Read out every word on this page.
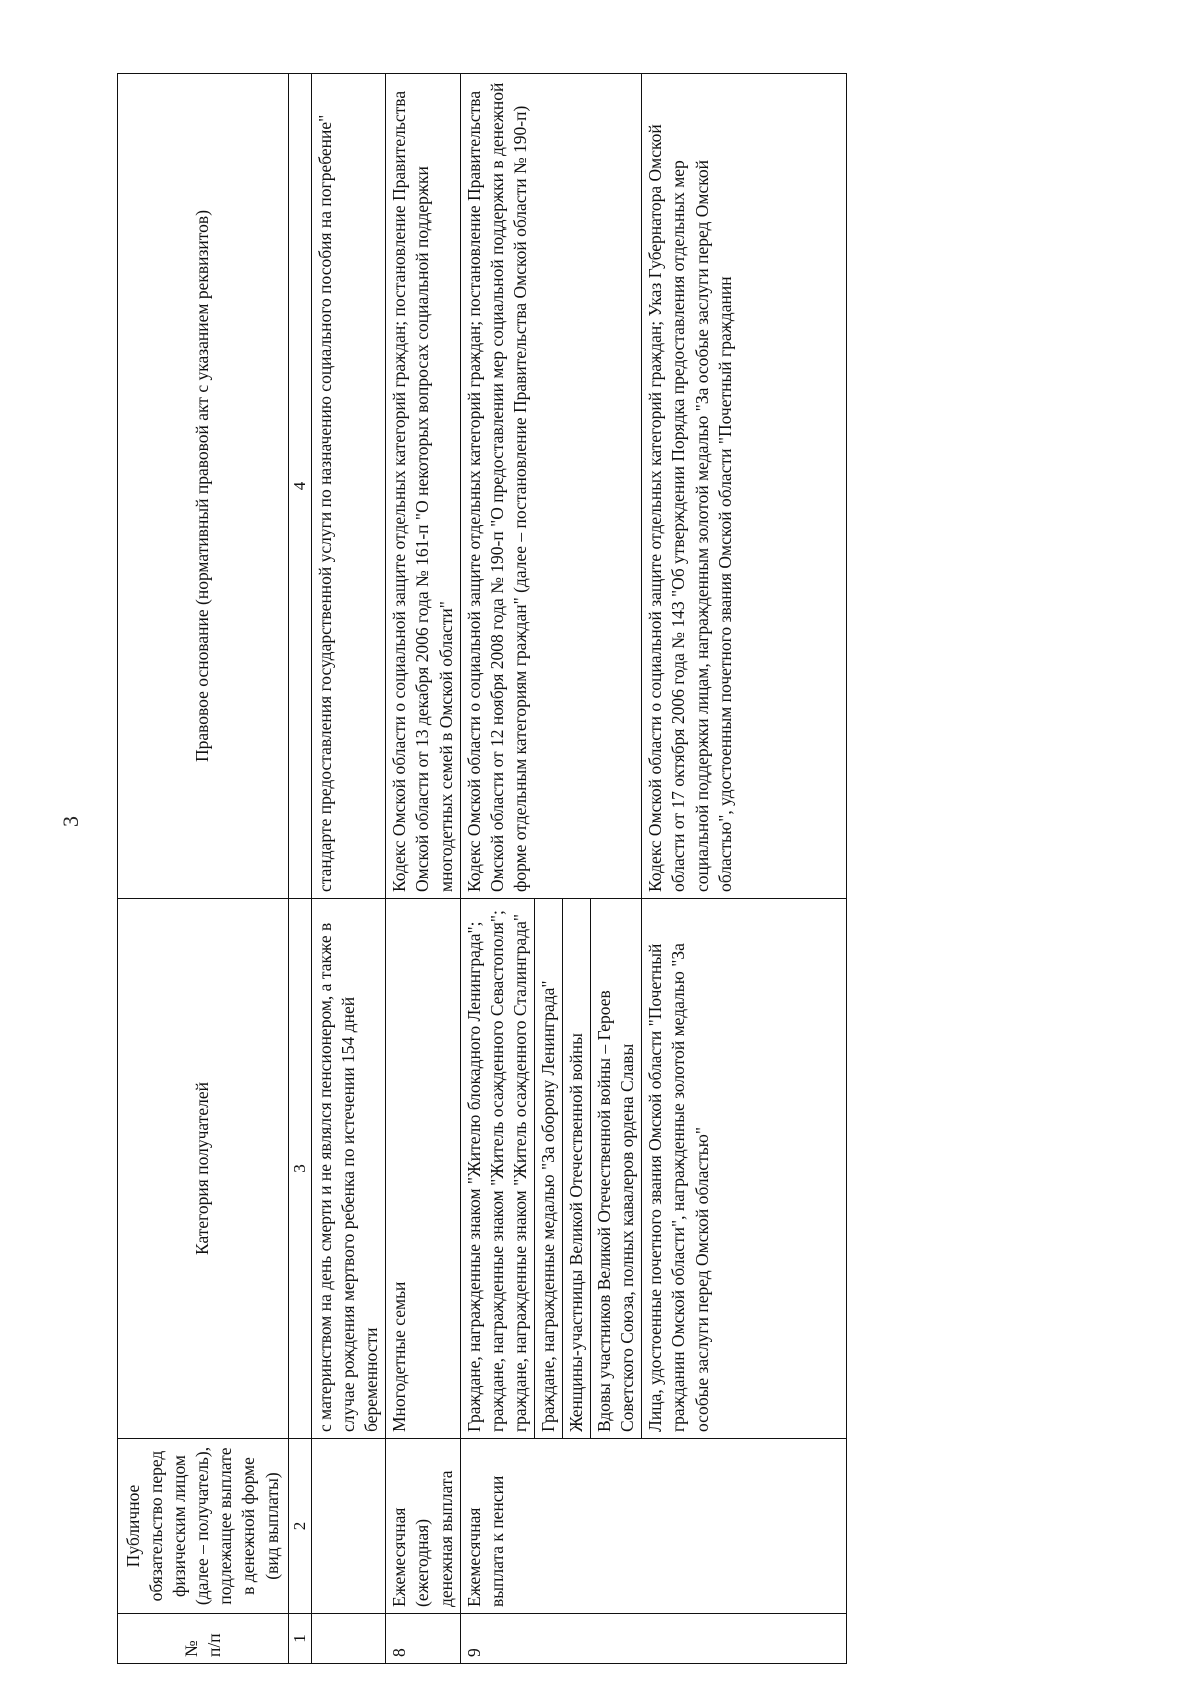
3
№
п/п	Публичное обязательство перед физическим лицом (далее – получатель), подлежащее выплате в денежной форме (вид выплаты)	Категория получателей	Правовое основание (нормативный правовой акт с указанием реквизитов)
1	2	3	4
		с материнством на день смерти и не являлся пенсионером, а также в случае рождения мертвого ребенка по истечении 154 дней беременности	стандарте предоставления государственной услуги по назначению социального пособия на погребение"
8	Ежемесячная (ежегодная) денежная выплата	Многодетные семьи	Кодекс Омской области о социальной защите отдельных категорий граждан; постановление Правительства Омской области от 13 декабря 2006 года № 161-п "О некоторых вопросах социальной поддержки многодетных семей в Омской области"
9	Ежемесячная выплата к пенсии	Граждане, награжденные знаком "Жителю блокадного Ленинграда"; граждане, награжденные знаком "Житель осажденного Севастополя"; граждане, награжденные знаком "Житель осажденного Сталинграда"	Кодекс Омской области о социальной защите отдельных категорий граждан; постановление Правительства Омской области от 12 ноября 2008 года № 190-п "О предоставлении мер социальной поддержки в денежной форме отдельным категориям граждан" (далее – постановление Правительства Омской области № 190-п)
		Граждане, награжденные медалью "За оборону Ленинграда"	
		Женщины-участницы Великой Отечественной войны	
		Вдовы участников Великой Отечественной войны – Героев Советского Союза, полных кавалеров ордена Славы	
		Лица, удостоенные почетного звания Омской области "Почетный гражданин Омской области", награжденные золотой медалью "За особые заслуги перед Омской областью"	Кодекс Омской области о социальной защите отдельных категорий граждан; Указ Губернатора Омской области от 17 октября 2006 года № 143 "Об утверждении Порядка предоставления отдельных мер социальной поддержки лицам, награжденным золотой медалью "За особые заслуги перед Омской областью", удостоенным почетного звания Омской области "Почетный гражданин
